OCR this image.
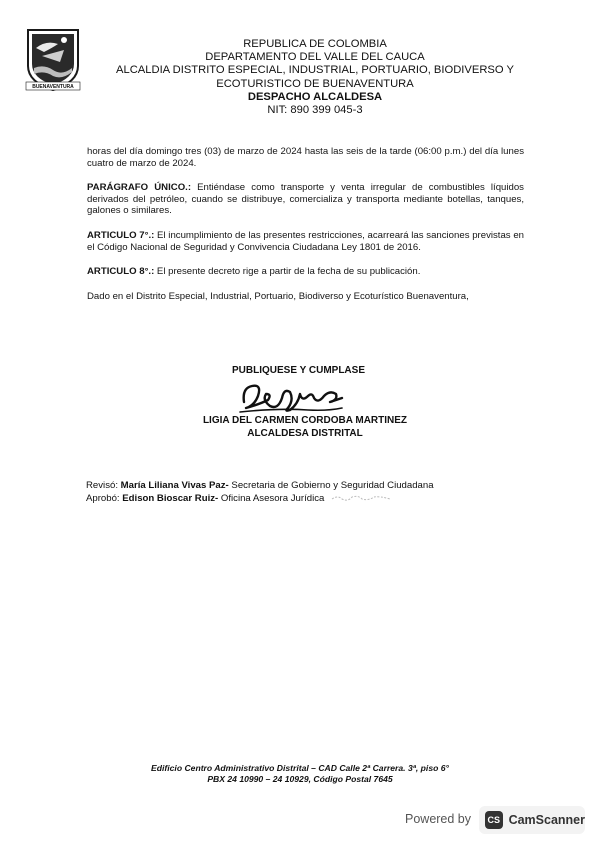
BUENAVENTURA
REPUBLICA DE COLOMBIA
DEPARTAMENTO DEL VALLE DEL CAUCA
ALCALDIA DISTRITO ESPECIAL, INDUSTRIAL, PORTUARIO, BIODIVERSO Y
ECOTURISTICO DE BUENAVENTURA
DESPACHO ALCALDESA
NIT: 890 399 045-3

horas del día domingo tres (03) de marzo de 2024 hasta las seis de la tarde (06:00 p.m.) del día lunes cuatro de marzo de 2024.

PARÁGRAFO ÚNICO.: Entiéndase como transporte y venta irregular de combustibles líquidos derivados del petróleo, cuando se distribuye, comercializa y transporta mediante botellas, tanques, galones o similares.

ARTICULO 7°.: El incumplimiento de las presentes restricciones, acarreará las sanciones previstas en el Código Nacional de Seguridad y Convivencia Ciudadana Ley 1801 de 2016.

ARTICULO 8°.: El presente decreto rige a partir de la fecha de su publicación.

Dado en el Distrito Especial, Industrial, Portuario, Biodiverso y Ecoturístico Buenaventura,

PUBLIQUESE Y CUMPLASE
LIGIA DEL CARMEN CORDOBA MARTINEZ
ALCALDESA DISTRITAL
Revisó: María Liliana Vivas Paz- Secretaria de Gobierno y Seguridad Ciudadana
Aprobó: Edison Bioscar Ruiz- Oficina Asesora Jurídica
Edificio Centro Administrativo Distrital – CAD Calle 2ª Carrera. 3ª, piso 6°
PBX 24 10990 – 24 10929, Código Postal 7645
Powered by CS CamScanner
